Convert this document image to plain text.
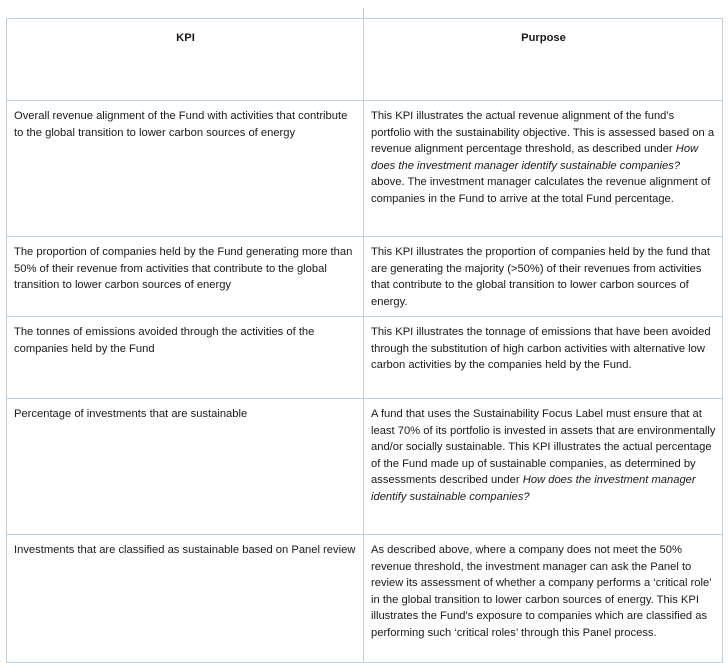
KPI	Purpose
Overall revenue alignment of the Fund with activities that contribute to the global transition to lower carbon sources of energy	This KPI illustrates the actual revenue alignment of the fund’s portfolio with the sustainability objective. This is assessed based on a revenue alignment percentage threshold, as described under How does the investment manager identify sustainable companies? above. The investment manager calculates the revenue alignment of companies in the Fund to arrive at the total Fund percentage.
The proportion of companies held by the Fund generating more than 50% of their revenue from activities that contribute to the global transition to lower carbon sources of energy	This KPI illustrates the proportion of companies held by the fund that are generating the majority (>50%) of their revenues from activities that contribute to the global transition to lower carbon sources of energy.
The tonnes of emissions avoided through the activities of the companies held by the Fund	This KPI illustrates the tonnage of emissions that have been avoided through the substitution of high carbon activities with alternative low carbon activities by the companies held by the Fund.
Percentage of investments that are sustainable	A fund that uses the Sustainability Focus Label must ensure that at least 70% of its portfolio is invested in assets that are environmentally and/or socially sustainable. This KPI illustrates the actual percentage of the Fund made up of sustainable companies, as determined by assessments described under How does the investment manager identify sustainable companies?
Investments that are classified as sustainable based on Panel review	As described above, where a company does not meet the 50% revenue threshold, the investment manager can ask the Panel to review its assessment of whether a company performs a ‘critical role’ in the global transition to lower carbon sources of energy. This KPI illustrates the Fund's exposure to companies which are classified as performing such ‘critical roles’ through this Panel process.
